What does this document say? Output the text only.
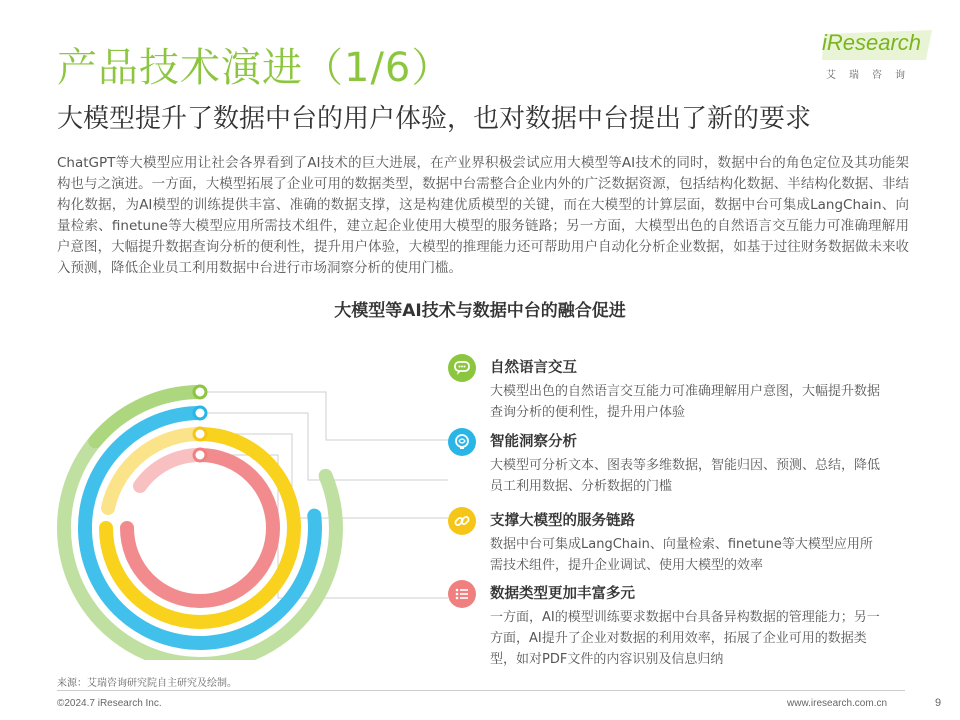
产品技术演进（1/6）
大模型提升了数据中台的用户体验，也对数据中台提出了新的要求
iResearch
艾瑞咨询
ChatGPT等大模型应用让社会各界看到了AI技术的巨大进展，在产业界积极尝试应用大模型等AI技术的同时，数据中台的角色定位及其功能架构也与之演进。一方面，大模型拓展了企业可用的数据类型，数据中台需整合企业内外的广泛数据资源，包括结构化数据、半结构化数据、非结构化数据，为AI模型的训练提供丰富、准确的数据支撑，这是构建优质模型的关键，而在大模型的计算层面，数据中台可集成LangChain、向量检索、finetune等大模型应用所需技术组件，建立起企业使用大模型的服务链路；另一方面，大模型出色的自然语言交互能力可准确理解用户意图，大幅提升数据查询分析的便利性，提升用户体验，大模型的推理能力还可帮助用户自动化分析企业数据，如基于过往财务数据做未来收入预测，降低企业员工利用数据中台进行市场洞察分析的使用门槛。
大模型等AI技术与数据中台的融合促进
自然语言交互
大模型出色的自然语言交互能力可准确理解用户意图，大幅提升数据查询分析的便利性，提升用户体验
智能洞察分析
大模型可分析文本、图表等多维数据，智能归因、预测、总结，降低员工利用数据、分析数据的门槛
支撑大模型的服务链路
数据中台可集成LangChain、向量检索、finetune等大模型应用所需技术组件，提升企业调试、使用大模型的效率
数据类型更加丰富多元
一方面，AI的模型训练要求数据中台具备异构数据的管理能力；另一方面，AI提升了企业对数据的利用效率，拓展了企业可用的数据类型，如对PDF文件的内容识别及信息归纳
来源：艾瑞咨询研究院自主研究及绘制。
©2024.7 iResearch Inc.	www.iresearch.com.cn	9
